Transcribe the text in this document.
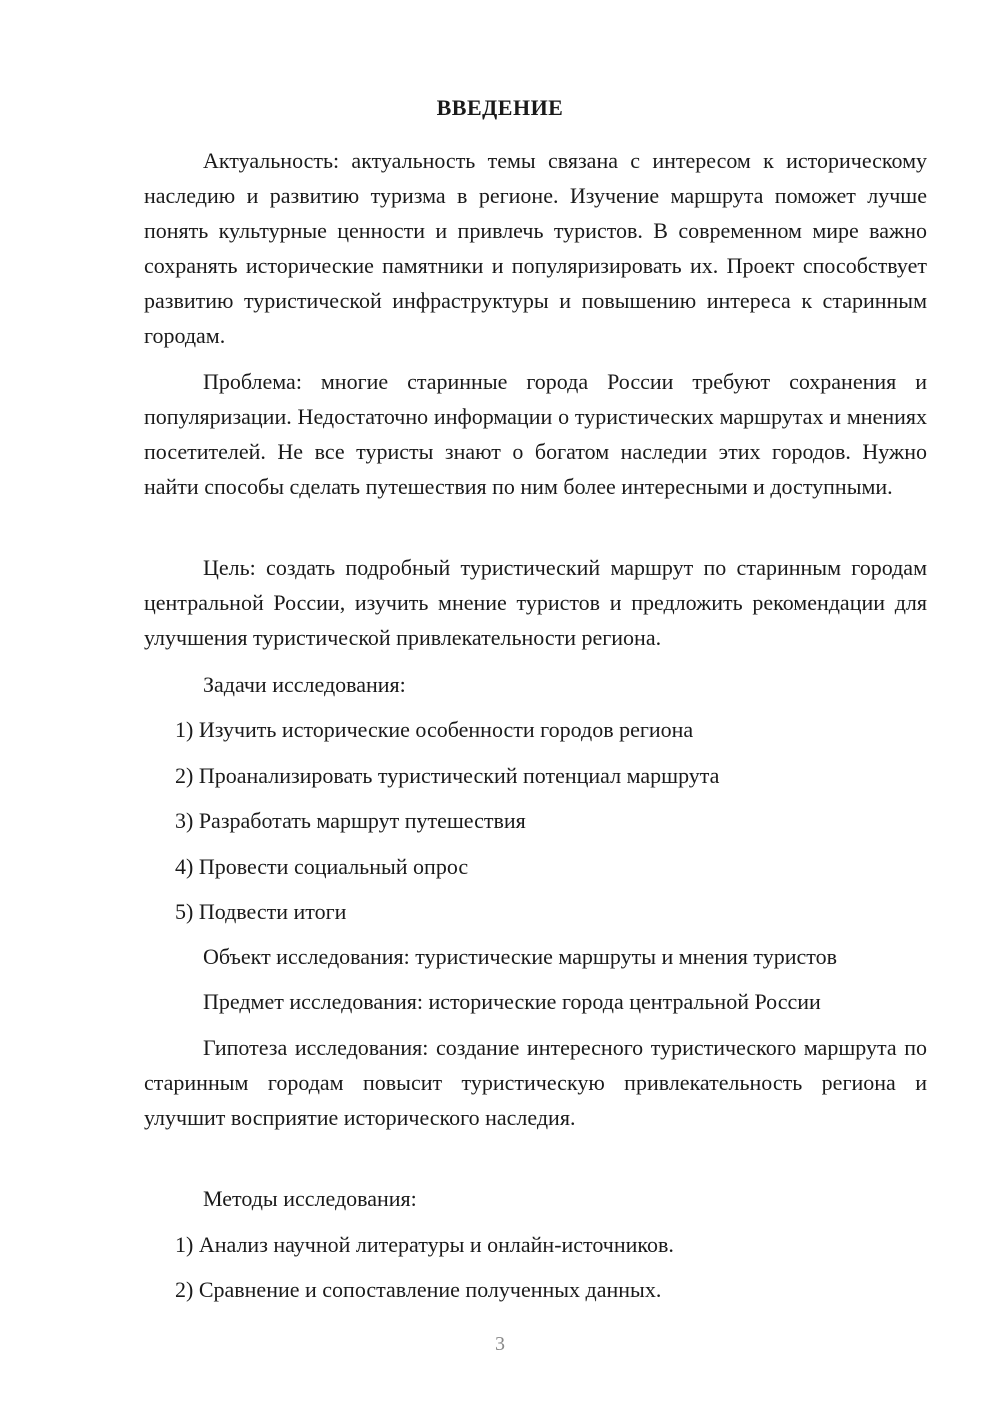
ВВЕДЕНИЕ

Актуальность: актуальность темы связана с интересом к историческому наследию и развитию туризма в регионе. Изучение маршрута поможет лучше понять культурные ценности и привлечь туристов. В современном мире важно сохранять исторические памятники и популяризировать их. Проект способствует развитию туристической инфраструктуры и повышению интереса к старинным городам.

Проблема: многие старинные города России требуют сохранения и популяризации. Недостаточно информации о туристических маршрутах и мнениях посетителей. Не все туристы знают о богатом наследии этих городов. Нужно найти способы сделать путешествия по ним более интересными и доступными.

Цель: создать подробный туристический маршрут по старинным городам центральной России, изучить мнение туристов и предложить рекомендации для улучшения туристической привлекательности региона.

Задачи исследования:

1) Изучить исторические особенности городов региона

2) Проанализировать туристический потенциал маршрута

3) Разработать маршрут путешествия

4) Провести социальный опрос

5) Подвести итоги

Объект исследования: туристические маршруты и мнения туристов

Предмет исследования: исторические города центральной России

Гипотеза исследования: создание интересного туристического маршрута по старинным городам повысит туристическую привлекательность региона и улучшит восприятие исторического наследия.

Методы исследования:

1) Анализ научной литературы и онлайн-источников.

2) Сравнение и сопоставление полученных данных.

3
